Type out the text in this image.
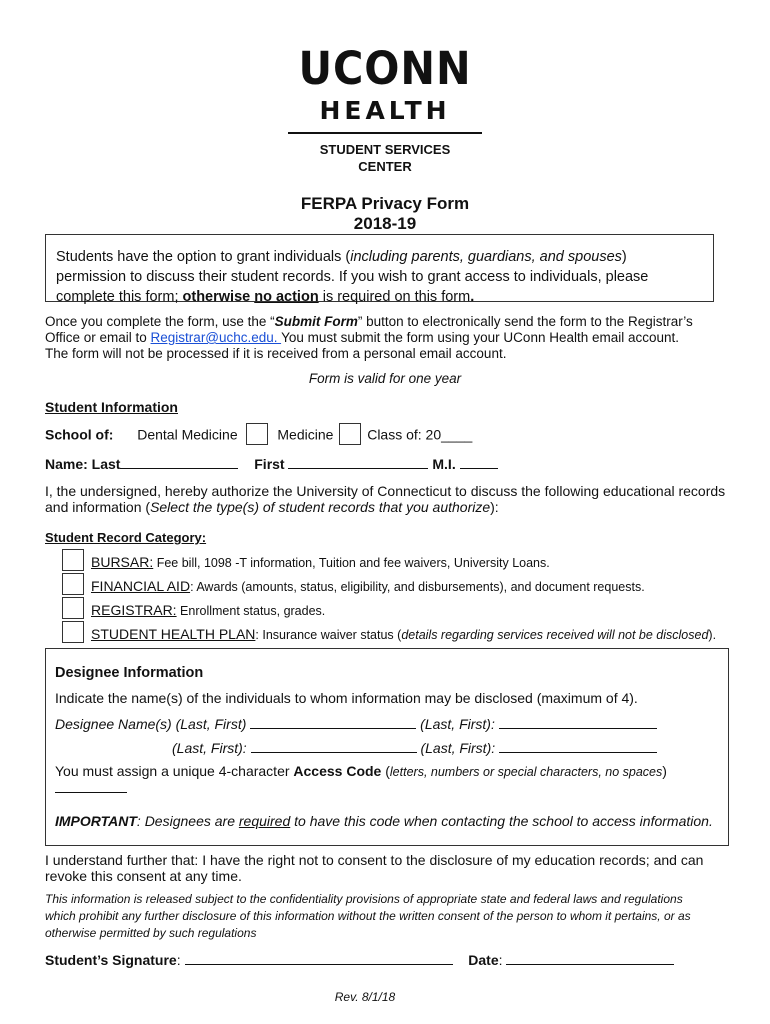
UCONN
HEALTH
STUDENT SERVICES
CENTER
FERPA Privacy Form
2018-19
Students have the option to grant individuals (including parents, guardians, and spouses)
permission to discuss their student records. If you wish to grant access to individuals, please
complete this form; otherwise no action is required on this form.
Once you complete the form, use the “Submit Form” button to electronically send the form to the Registrar’s
Office or email to Registrar@uchc.edu. You must submit the form using your UConn Health email account.
The form will not be processed if it is received from a personal email account.
Form is valid for one year
Student Information
School of: Dental Medicine	Medicine Class of: 20____
Name: Last	First	M.I.
I, the undersigned, hereby authorize the University of Connecticut to discuss the following educational records
and information (Select the type(s) of student records that you authorize):
Student Record Category:
BURSAR: Fee bill, 1098 -T information, Tuition and fee waivers, University Loans.
FINANCIAL AID: Awards (amounts, status, eligibility, and disbursements), and document requests.
REGISTRAR: Enrollment status, grades.
STUDENT HEALTH PLAN: Insurance waiver status (details regarding services received will not be disclosed).
Designee Information
Indicate the name(s) of the individuals to whom information may be disclosed (maximum of 4).
Designee Name(s) (Last, First)	(Last, First):
(Last, First):	(Last, First):
You must assign a unique 4-character Access Code (letters, numbers or special characters, no spaces)
IMPORTANT: Designees are required to have this code when contacting the school to access information.
I understand further that: I have the right not to consent to the disclosure of my education records; and can
revoke this consent at any time.
This information is released subject to the confidentiality provisions of appropriate state and federal laws and regulations
which prohibit any further disclosure of this information without the written consent of the person to whom it pertains, or as
otherwise permitted by such regulations
Student’s Signature:	Date:
Rev. 8/1/18
